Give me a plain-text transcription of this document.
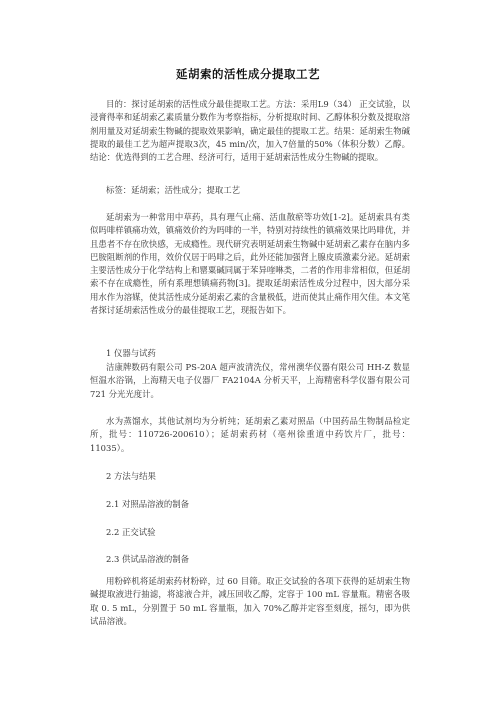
延胡索的活性成分提取工艺

目的：探讨延胡索的活性成分最佳提取工艺。方法：采用L9（34） 正交试验，以浸膏得率和延胡索乙素质量分数作为考察指标，分析提取时间、乙醇体积分数及提取溶剂用量及对延胡索生物碱的提取效果影响，确定最佳的提取工艺。结果：延胡索生物碱提取的最佳工艺为超声提取3次，45 min/次，加入7倍量的50%（体积分数）乙醇。结论：优选得到的工艺合理、经济可行，适用于延胡索活性成分生物碱的提取。

标签：延胡索；活性成分；提取工艺

延胡索为一种常用中草药，具有理气止痛、活血散瘀等功效[1-2]。延胡索具有类似吗啡样镇痛功效，镇痛效价约为吗啡的一半，特别对持续性的镇痛效果比吗啡优，并且患者不存在欣快感，无成瘾性。现代研究表明延胡索生物碱中延胡索乙素存在脑内多巴胺阻断剂的作用，效价仅居于吗啡之后，此外还能加强肾上腺皮质激素分泌。延胡索主要活性成分于化学结构上和罂粟碱同属于苯异喹啉类，二者的作用非常相似，但延胡索不存在成瘾性，所有系理想镇痛药物[3]。提取延胡索活性成分过程中，因大部分采用水作为溶媒，使其活性成分延胡索乙素的含量极低，进而使其止痛作用欠佳。本文笔者探讨延胡索活性成分的最佳提取工艺，现报告如下。

1 仪器与试药

洁康牌数码有限公司 PS-20A 超声波清洗仪，常州澳华仪器有限公司 HH-Z 数显恒温水浴锅，上海精天电子仪器厂 FA2104A 分析天平，上海精密科学仪器有限公司 721 分光光度计。

水为蒸馏水，其他试剂均为分析纯；延胡索乙素对照品（中国药品生物制品检定所，批号：110726-200610）；延胡索药材（亳州徐重道中药饮片厂，批号：11035）。

2 方法与结果
2.1 对照品溶液的制备
2.2 正交试验
2.3 供试品溶液的制备

用粉碎机将延胡索药材粉碎，过 60 目筛。取正交试验的各项下获得的延胡索生物碱提取液进行抽滤，将滤液合并，减压回收乙醇，定容于 100 mL 容量瓶。精密各吸取 0. 5 mL，分别置于 50 mL 容量瓶，加入 70%乙醇并定容至刻度，摇匀，即为供试品溶液。
